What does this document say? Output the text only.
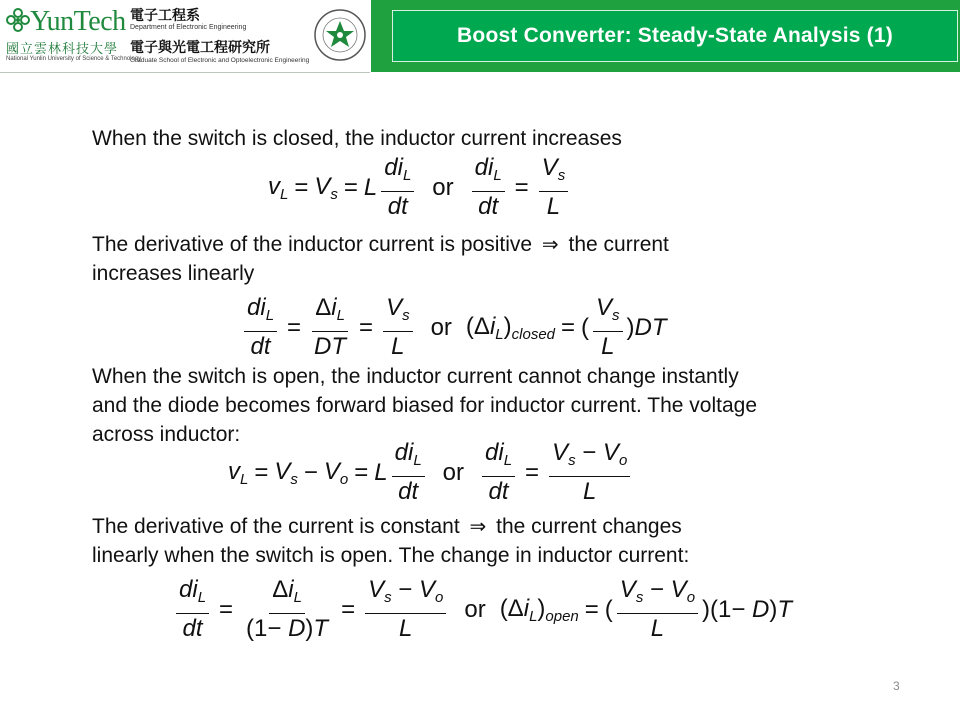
YunTech
國立雲林科技大學
National Yunlin University of Science & Technology
電子工程系
Department of Electronic Engineering
電子與光電工程研究所
Graduate School of Electronic and Optoelectronic Engineering
Boost Converter: Steady-State Analysis (1)
When the switch is closed, the inductor current increases
$v_L = V_s = L \frac{di_L}{dt}$ or $\frac{di_L}{dt} = \frac{V_s}{L}$
The derivative of the inductor current is positive ⇒ the current
increases linearly
$\frac{di_L}{dt} = \frac{\Delta i_L}{DT} = \frac{V_s}{L}$ or $(\Delta i_L)_{closed}$ = ( $\frac{V_s}{L} )DT$
When the switch is open, the inductor current cannot change instantly
and the diode becomes forward biased for inductor current. The voltage
across inductor:
$v_L = V_s - V_o = L \frac{di_L}{dt}$ or $\frac{di_L}{dt} = \frac{V_s - V_o}{L}$
The derivative of the current is constant ⇒ the current changes
linearly when the switch is open. The change in inductor current:
$\frac{di_L}{dt} = \frac{\Delta i_L}{(1- D)T} = \frac{V_s - V_o}{L}$ or $(\Delta i_L)_{open}$ = ( $\frac{V_s - V_o}{L} )(1- D)T$
3
